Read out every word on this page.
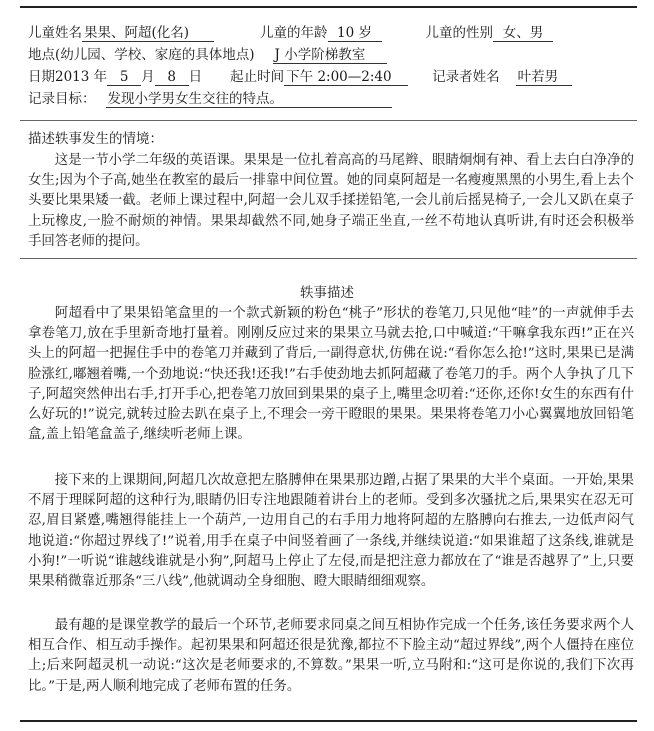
儿童姓名 果果、阿超(化名)	儿童的年龄 10 岁	儿童的性别 女、男
地点(幼儿园、学校、家庭的具体地点) J 小学阶梯教室
日期2013 年 5 月 8 日 起止时间 下午 2:00—2:40	记录者姓名 叶若男
记录目标： 发现小学男女生交往的特点。
描述轶事发生的情境：

这是一节小学二年级的英语课。果果是一位扎着高高的马尾辫、眼睛炯炯有神、看上去白白净净的女生;因为个子高,她坐在教室的最后一排靠中间位置。她的同桌阿超是一名瘦瘦黑黑的小男生,看上去个头要比果果矮一截。老师上课过程中,阿超一会儿双手揉搓铅笔,一会儿前后摇晃椅子,一会儿又趴在桌子上玩橡皮,一脸不耐烦的神情。果果却截然不同,她身子端正坐直,一丝不苟地认真听讲,有时还会积极举手回答老师的提问。

轶事描述

阿超看中了果果铅笔盒里的一个款式新颖的粉色“桃子”形状的卷笔刀,只见他“哇”的一声就伸手去拿卷笔刀,放在手里新奇地打量着。刚刚反应过来的果果立马就去抢,口中喊道:“干嘛拿我东西!”正在兴头上的阿超一把握住手中的卷笔刀并藏到了背后,一副得意状,仿佛在说:“看你怎么抢!”这时,果果已是满脸涨红,嘟翘着嘴,一个劲地说:“快还我!还我!”右手使劲地去抓阿超藏了卷笔刀的手。两个人争执了几下子,阿超突然伸出右手,打开手心,把卷笔刀放回到果果的桌子上,嘴里念叨着:“还你,还你!女生的东西有什么好玩的!”说完,就转过脸去趴在桌子上,不理会一旁干瞪眼的果果。果果将卷笔刀小心翼翼地放回铅笔盒,盖上铅笔盒盖子,继续听老师上课。

接下来的上课期间,阿超几次故意把左胳膊伸在果果那边蹭,占据了果果的大半个桌面。一开始,果果不屑于理睬阿超的这种行为,眼睛仍旧专注地跟随着讲台上的老师。受到多次骚扰之后,果果实在忍无可忍,眉目紧蹙,嘴翘得能挂上一个葫芦,一边用自己的右手用力地将阿超的左胳膊向右推去,一边低声闷气地说道:“你超过界线了!”说着,用手在桌子中间竖着画了一条线,并继续说道:“如果谁超了这条线,谁就是小狗!”一听说“谁越线谁就是小狗”,阿超马上停止了左侵,而是把注意力都放在了“谁是否越界了”上,只要果果稍微靠近那条“三八线”,他就调动全身细胞、瞪大眼睛细细观察。

最有趣的是课堂教学的最后一个环节,老师要求同桌之间互相协作完成一个任务,该任务要求两个人相互合作、相互动手操作。起初果果和阿超还很是犹豫,都拉不下脸主动“超过界线”,两个人僵持在座位上;后来阿超灵机一动说:“这次是老师要求的,不算数。”果果一听,立马附和:“这可是你说的,我们下次再比。”于是,两人顺利地完成了老师布置的任务。
